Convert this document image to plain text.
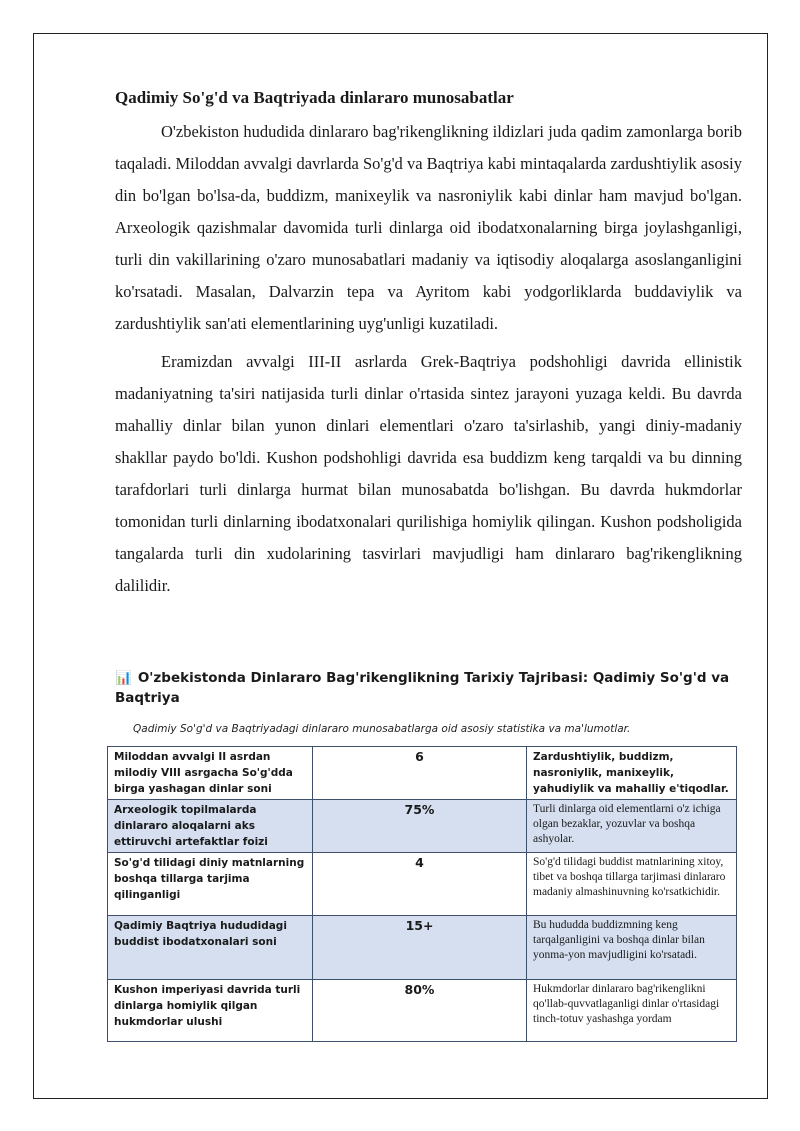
Qadimiy So'g'd va Baqtriyada dinlararo munosabatlar

O'zbekiston hududida dinlararo bag'rikenglikning ildizlari juda qadim zamonlarga borib taqaladi. Miloddan avvalgi davrlarda So'g'd va Baqtriya kabi mintaqalarda zardushtiylik asosiy din bo'lgan bo'lsa-da, buddizm, manixeylik va nasroniylik kabi dinlar ham mavjud bo'lgan. Arxeologik qazishmalar davomida turli dinlarga oid ibodatxonalarning birga joylashganligi, turli din vakillarining o'zaro munosabatlari madaniy va iqtisodiy aloqalarga asoslanganligini ko'rsatadi. Masalan, Dalvarzin tepa va Ayritom kabi yodgorliklarda buddaviylik va zardushtiylik san'ati elementlarining uyg'unligi kuzatiladi.

Eramizdan avvalgi III-II asrlarda Grek-Baqtriya podshohligi davrida ellinistik madaniyatning ta'siri natijasida turli dinlar o'rtasida sintez jarayoni yuzaga keldi. Bu davrda mahalliy dinlar bilan yunon dinlari elementlari o'zaro ta'sirlashib, yangi diniy-madaniy shakllar paydo bo'ldi. Kushon podshohligi davrida esa buddizm keng tarqaldi va bu dinning tarafdorlari turli dinlarga hurmat bilan munosabatda bo'lishgan. Bu davrda hukmdorlar tomonidan turli dinlarning ibodatxonalari qurilishiga homiylik qilingan. Kushon podsholigida tangalarda turli din xudolarining tasvirlari mavjudligi ham dinlararo bag'rikenglikning dalilidir.

📊 O'zbekistonda Dinlararo Bag'rikenglikning Tarixiy Tajribasi: Qadimiy So'g'd va Baqtriya
Qadimiy So'g'd va Baqtriyadagi dinlararo munosabatlarga oid asosiy statistika va ma'lumotlar.
Miloddan avvalgi II asrdan milodiy VIII asrgacha So'g'dda birga yashagan dinlar soni	6	Zardushtiylik, buddizm, nasroniylik, manixeylik, yahudiylik va mahalliy e'tiqodlar.
Arxeologik topilmalarda dinlararo aloqalarni aks ettiruvchi artefaktlar foizi	75%	Turli dinlarga oid elementlarni o'z ichiga olgan bezaklar, yozuvlar va boshqa ashyolar.
So'g'd tilidagi diniy matnlarning boshqa tillarga tarjima qilinganligi	4	So'g'd tilidagi buddist matnlarining xitoy, tibet va boshqa tillarga tarjimasi dinlararo madaniy almashinuvning ko'rsatkichidir.
Qadimiy Baqtriya hududidagi buddist ibodatxonalari soni	15+	Bu hududda buddizmning keng tarqalganligini va boshqa dinlar bilan yonma-yon mavjudligini ko'rsatadi.
Kushon imperiyasi davrida turli dinlarga homiylik qilgan hukmdorlar ulushi	80%	Hukmdorlar dinlararo bag'rikenglikni qo'llab-quvvatlaganligi dinlar o'rtasidagi tinch-totuv yashashga yordam
